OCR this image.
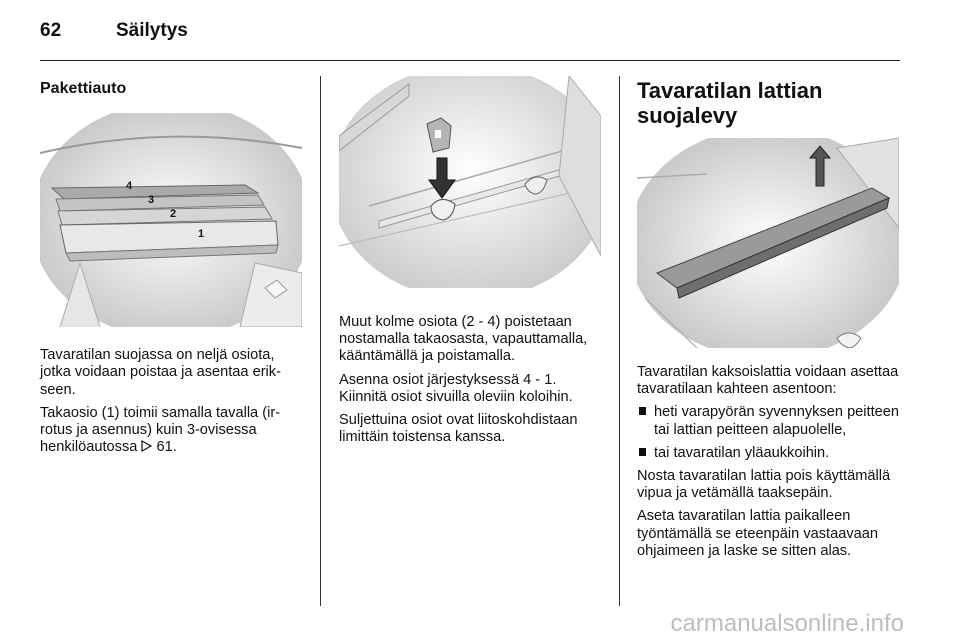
62	Säilytys

Pakettiauto

4
3
2
1

Tavaratilan suojassa on neljä osiota, jotka voidaan poistaa ja asentaa erikseen.

Takaosio (1) toimii samalla tavalla (irrotus ja asennus) kuin 3-ovisessa henkilöautossa 61.

Muut kolme osiota (2 - 4) poistetaan nostamalla takaosasta, vapauttamalla, kääntämällä ja poistamalla.

Asenna osiot järjestyksessä 4 - 1. Kiinnitä osiot sivuilla oleviin koloihin.

Suljettuina osiot ovat liitoskohdistaan limittäin toistensa kanssa.

Tavaratilan lattian
suojalevy

Tavaratilan kaksoislattia voidaan asettaa tavaratilaan kahteen asentoon:

heti varapyörän syvennyksen peitteen tai lattian peitteen alapuolelle,
tai tavaratilan yläaukkoihin.

Nosta tavaratilan lattia pois käyttämällä vipua ja vetämällä taaksepäin.

Aseta tavaratilan lattia paikalleen työntämällä se eteenpäin vastaavaan ohjaimeen ja laske se sitten alas.

carmanualsonline.info
